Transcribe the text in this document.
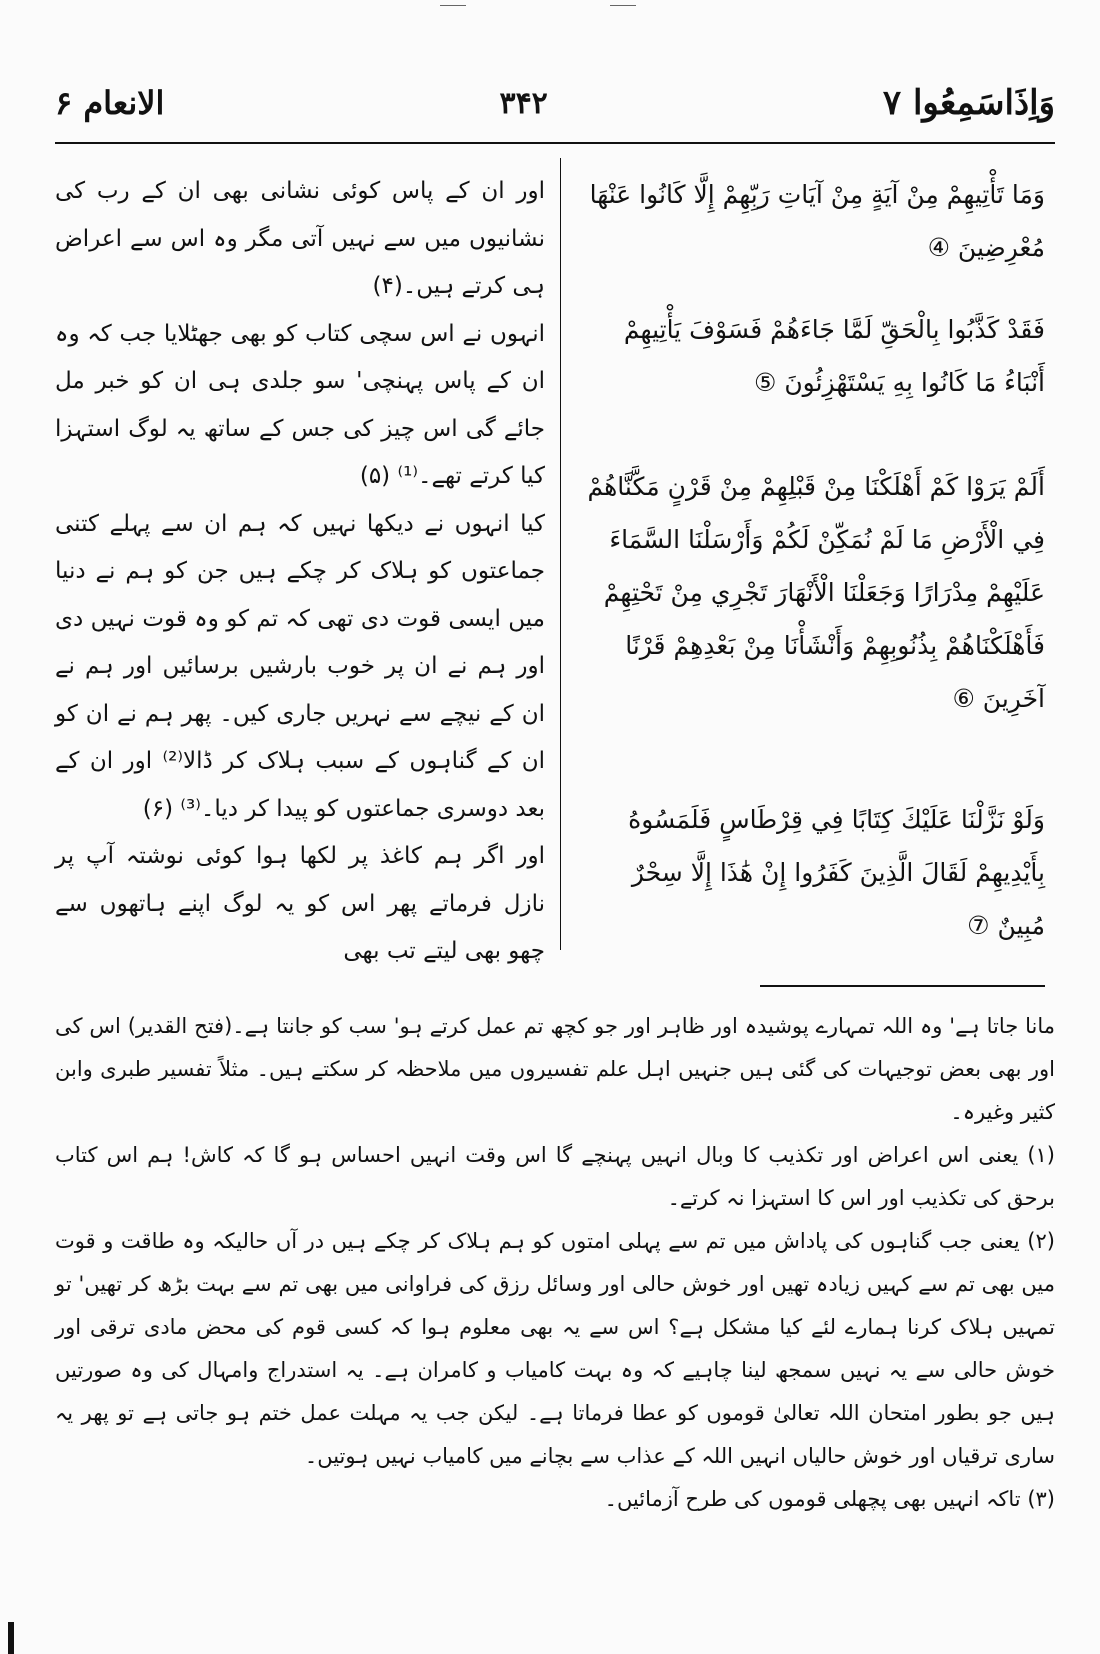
وَاِذَاسَمِعُوا ۷
۳۴۲
الانعام ۶

وَمَا تَأْتِيهِمْ مِنْ آيَةٍ مِنْ آيَاتِ رَبِّهِمْ إِلَّا كَانُوا عَنْهَا مُعْرِضِينَ ④

فَقَدْ كَذَّبُوا بِالْحَقِّ لَمَّا جَاءَهُمْ فَسَوْفَ يَأْتِيهِمْ أَنْبَاءُ مَا كَانُوا بِهِ يَسْتَهْزِئُونَ ⑤

أَلَمْ يَرَوْا كَمْ أَهْلَكْنَا مِنْ قَبْلِهِمْ مِنْ قَرْنٍ مَكَّنَّاهُمْ فِي الْأَرْضِ مَا لَمْ نُمَكِّنْ لَكُمْ وَأَرْسَلْنَا السَّمَاءَ عَلَيْهِمْ مِدْرَارًا وَجَعَلْنَا الْأَنْهَارَ تَجْرِي مِنْ تَحْتِهِمْ فَأَهْلَكْنَاهُمْ بِذُنُوبِهِمْ وَأَنْشَأْنَا مِنْ بَعْدِهِمْ قَرْنًا آخَرِينَ ⑥

وَلَوْ نَزَّلْنَا عَلَيْكَ كِتَابًا فِي قِرْطَاسٍ فَلَمَسُوهُ بِأَيْدِيهِمْ لَقَالَ الَّذِينَ كَفَرُوا إِنْ هَٰذَا إِلَّا سِحْرٌ مُبِينٌ ⑦

اور ان کے پاس کوئی نشانی بھی ان کے رب کی نشانیوں میں سے نہیں آتی مگر وہ اس سے اعراض ہی کرتے ہیں۔(۴)

انہوں نے اس سچی کتاب کو بھی جھٹلایا جب کہ وہ ان کے پاس پہنچی' سو جلدی ہی ان کو خبر مل جائے گی اس چیز کی جس کے ساتھ یہ لوگ استہزا کیا کرتے تھے۔⁽¹⁾ (۵)

کیا انہوں نے دیکھا نہیں کہ ہم ان سے پہلے کتنی جماعتوں کو ہلاک کر چکے ہیں جن کو ہم نے دنیا میں ایسی قوت دی تھی کہ تم کو وہ قوت نہیں دی اور ہم نے ان پر خوب بارشیں برسائیں اور ہم نے ان کے نیچے سے نہریں جاری کیں۔ پھر ہم نے ان کو ان کے گناہوں کے سبب ہلاک کر ڈالا⁽²⁾ اور ان کے بعد دوسری جماعتوں کو پیدا کر دیا۔⁽³⁾ (۶)

اور اگر ہم کاغذ پر لکھا ہوا کوئی نوشتہ آپ پر نازل فرماتے پھر اس کو یہ لوگ اپنے ہاتھوں سے چھو بھی لیتے تب بھی

مانا جاتا ہے' وہ اللہ تمہارے پوشیدہ اور ظاہر اور جو کچھ تم عمل کرتے ہو' سب کو جانتا ہے۔(فتح القدیر) اس کی اور بھی بعض توجیہات کی گئی ہیں جنہیں اہل علم تفسیروں میں ملاحظہ کر سکتے ہیں۔ مثلاً تفسیر طبری وابن کثیر وغیرہ۔

(۱) یعنی اس اعراض اور تکذیب کا وبال انہیں پہنچے گا اس وقت انہیں احساس ہو گا کہ کاش! ہم اس کتاب برحق کی تکذیب اور اس کا استہزا نہ کرتے۔

(۲) یعنی جب گناہوں کی پاداش میں تم سے پہلی امتوں کو ہم ہلاک کر چکے ہیں در آں حالیکہ وہ طاقت و قوت میں بھی تم سے کہیں زیادہ تھیں اور خوش حالی اور وسائل رزق کی فراوانی میں بھی تم سے بہت بڑھ کر تھیں' تو تمہیں ہلاک کرنا ہمارے لئے کیا مشکل ہے؟ اس سے یہ بھی معلوم ہوا کہ کسی قوم کی محض مادی ترقی اور خوش حالی سے یہ نہیں سمجھ لینا چاہیے کہ وہ بہت کامیاب و کامران ہے۔ یہ استدراج وامہال کی وہ صورتیں ہیں جو بطور امتحان اللہ تعالیٰ قوموں کو عطا فرماتا ہے۔ لیکن جب یہ مہلت عمل ختم ہو جاتی ہے تو پھر یہ ساری ترقیاں اور خوش حالیاں انہیں اللہ کے عذاب سے بچانے میں کامیاب نہیں ہوتیں۔

(۳) تاکہ انہیں بھی پچھلی قوموں کی طرح آزمائیں۔
